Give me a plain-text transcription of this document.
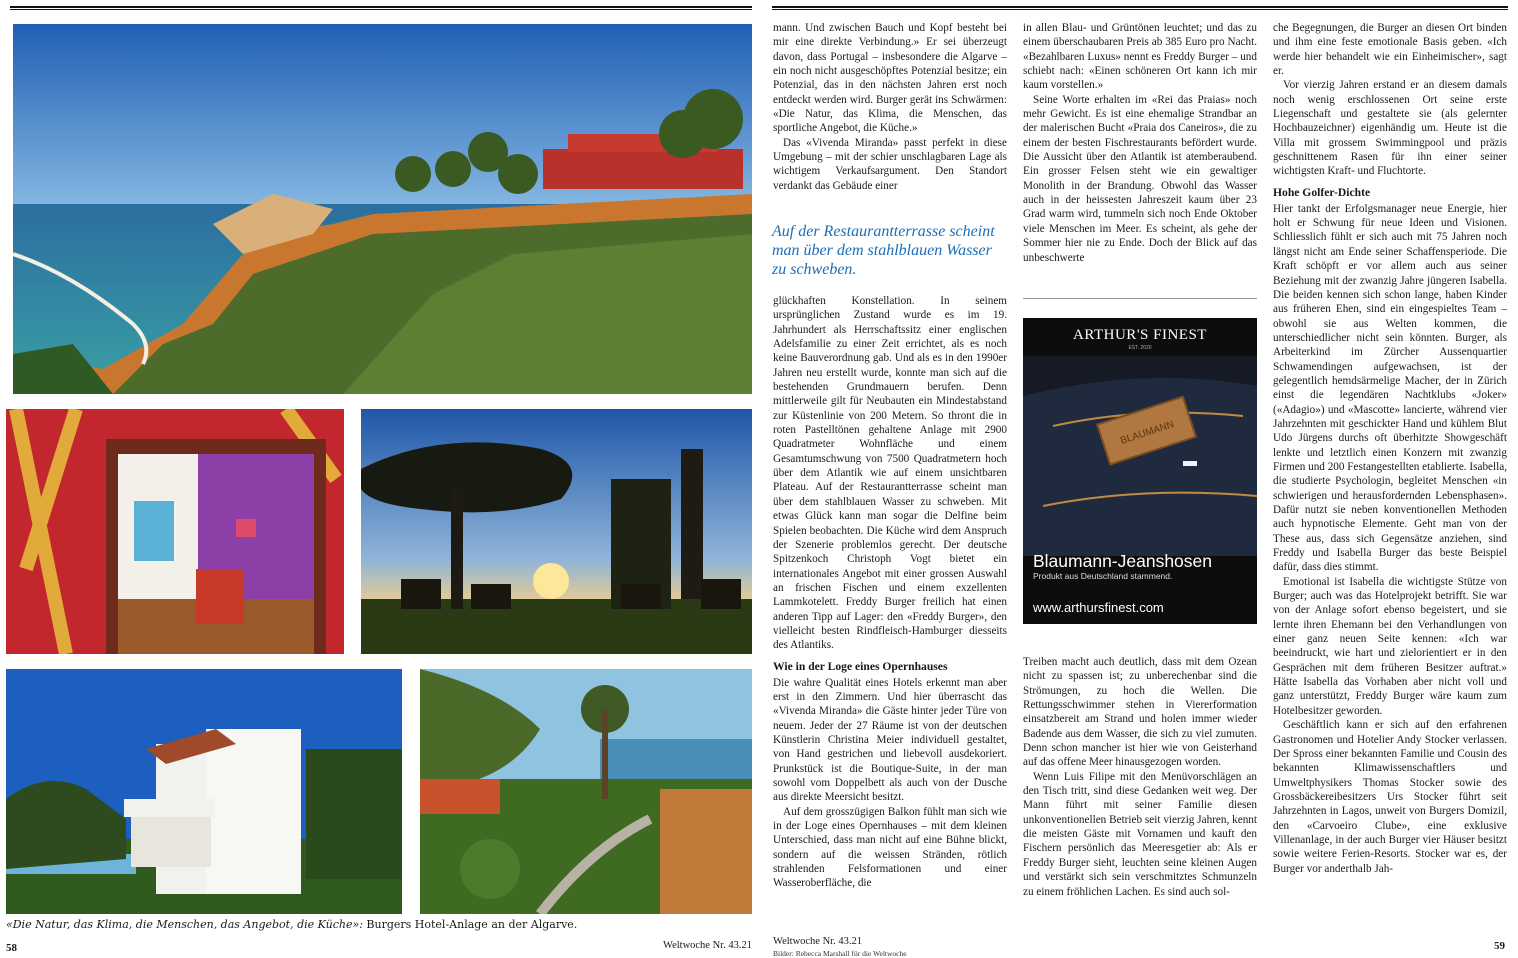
«Die Natur, das Klima, die Menschen, das Angebot, die Küche»: Burgers Hotel-Anlage an der Algarve.
58	Weltwoche Nr. 43.21 Weltwoche Nr. 43.21
Bilder: Rebecca Marshall für die Weltwoche
59

mann. Und zwischen Bauch und Kopf besteht bei mir eine direkte Verbindung.» Er sei überzeugt davon, dass Portugal – insbesondere die Algarve – ein noch nicht ausgeschöpftes Potenzial besitze; ein Potenzial, das in den nächsten Jahren erst noch entdeckt werden wird. Burger gerät ins Schwärmen: «Die Natur, das Klima, die Menschen, das sportliche Angebot, die Küche.»

Das «Vivenda Miranda» passt perfekt in diese Umgebung – mit der schier unschlagbaren Lage als wichtigem Verkaufsargument. Den Standort verdankt das Gebäude einer

Auf der Restaurantterrasse scheint man über dem stahlblauen Wasser zu schweben.

glückhaften Konstellation. In seinem ursprünglichen Zustand wurde es im 19. Jahrhundert als Herrschaftssitz einer englischen Adelsfamilie zu einer Zeit errichtet, als es noch keine Bauverordnung gab. Und als es in den 1990er Jahren neu erstellt wurde, konnte man sich auf die bestehenden Grundmauern berufen. Denn mittlerweile gilt für Neubauten ein Mindestabstand zur Küstenlinie von 200 Metern. So thront die in roten Pastelltönen gehaltene Anlage mit 2900 Quadratmeter Wohnfläche und einem Gesamtumschwung von 7500 Quadratmetern hoch über dem Atlantik wie auf einem unsichtbaren Plateau. Auf der Restaurantterrasse scheint man über dem stahlblauen Wasser zu schweben. Mit etwas Glück kann man sogar die Delfine beim Spielen beobachten. Die Küche wird dem Anspruch der Szenerie problemlos gerecht. Der deutsche Spitzenkoch Christoph Vogt bietet ein internationales Angebot mit einer grossen Auswahl an frischen Fischen und einem exzellenten Lammkotelett. Freddy Burger freilich hat einen anderen Tipp auf Lager: den «Freddy Burger», den vielleicht besten Rindfleisch-Hamburger diesseits des Atlantiks.

Wie in der Loge eines Opernhauses

Die wahre Qualität eines Hotels erkennt man aber erst in den Zimmern. Und hier überrascht das «Vivenda Miranda» die Gäste hinter jeder Türe von neuem. Jeder der 27 Räume ist von der deutschen Künstlerin Christina Meier individuell gestaltet, von Hand gestrichen und liebevoll ausdekoriert. Prunkstück ist die Boutique-Suite, in der man sowohl vom Doppelbett als auch von der Dusche aus direkte Meersicht besitzt.

Auf dem grosszügigen Balkon fühlt man sich wie in der Loge eines Opernhauses – mit dem kleinen Unterschied, dass man nicht auf eine Bühne blickt, sondern auf die weissen Stränden, rötlich strahlenden Felsformationen und einer Wasseroberfläche, die

in allen Blau- und Grüntönen leuchtet; und das zu einem überschaubaren Preis ab 385 Euro pro Nacht. «Bezahlbaren Luxus» nennt es Freddy Burger – und schiebt nach: «Einen schöneren Ort kann ich mir kaum vorstellen.»

Seine Worte erhalten im «Rei das Praias» noch mehr Gewicht. Es ist eine ehemalige Strandbar an der malerischen Bucht «Praia dos Caneiros», die zu einem der besten Fischrestaurants befördert wurde. Die Aussicht über den Atlantik ist atemberaubend. Ein grosser Felsen steht wie ein gewaltiger Monolith in der Brandung. Obwohl das Wasser auch in der heissesten Jahreszeit kaum über 23 Grad warm wird, tummeln sich noch Ende Oktober viele Menschen im Meer. Es scheint, als gehe der Sommer hier nie zu Ende. Doch der Blick auf das unbeschwerte

ARTHUR'S FINEST
EST. 2020
BLAUMANN
Blaumann-Jeanshosen
Produkt aus Deutschland stammend.
www.arthursfinest.com

Treiben macht auch deutlich, dass mit dem Ozean nicht zu spassen ist; zu unberechenbar sind die Strömungen, zu hoch die Wellen. Die Rettungsschwimmer stehen in Viererformation einsatzbereit am Strand und holen immer wieder Badende aus dem Wasser, die sich zu viel zumuten. Denn schon mancher ist hier wie von Geisterhand auf das offene Meer hinausgezogen worden.

Wenn Luis Filipe mit den Menüvorschlägen an den Tisch tritt, sind diese Gedanken weit weg. Der Mann führt mit seiner Familie diesen unkonventionellen Betrieb seit vierzig Jahren, kennt die meisten Gäste mit Vornamen und kauft den Fischern persönlich das Meeresgetier ab: Als er Freddy Burger sieht, leuchten seine kleinen Augen und verstärkt sich sein verschmitztes Schmunzeln zu einem fröhlichen Lachen. Es sind auch sol-

che Begegnungen, die Burger an diesen Ort binden und ihm eine feste emotionale Basis geben. «Ich werde hier behandelt wie ein Einheimischer», sagt er.

Vor vierzig Jahren erstand er an diesem damals noch wenig erschlossenen Ort seine erste Liegenschaft und gestaltete sie (als gelernter Hochbauzeichner) eigenhändig um. Heute ist die Villa mit grossem Swimmingpool und präzis geschnittenem Rasen für ihn einer seiner wichtigsten Kraft- und Fluchtorte.

Hohe Golfer-Dichte

Hier tankt der Erfolgsmanager neue Energie, hier holt er Schwung für neue Ideen und Visionen. Schliesslich fühlt er sich auch mit 75 Jahren noch längst nicht am Ende seiner Schaffensperiode. Die Kraft schöpft er vor allem auch aus seiner Beziehung mit der zwanzig Jahre jüngeren Isabella. Die beiden kennen sich schon lange, haben Kinder aus früheren Ehen, sind ein eingespieltes Team – obwohl sie aus Welten kommen, die unterschiedlicher nicht sein könnten. Burger, als Arbeiterkind im Zürcher Aussenquartier Schwamendingen aufgewachsen, ist der gelegentlich hemdsärmelige Macher, der in Zürich einst die legendären Nachtklubs «Joker» («Adagio») und «Mascotte» lancierte, während vier Jahrzehnten mit geschickter Hand und kühlem Blut Udo Jürgens durchs oft überhitzte Showgeschäft lenkte und letztlich einen Konzern mit zwanzig Firmen und 200 Festangestellten etablierte. Isabella, die studierte Psychologin, begleitet Menschen «in schwierigen und herausfordernden Lebensphasen». Dafür nutzt sie neben konventionellen Methoden auch hypnotische Elemente. Geht man von der These aus, dass sich Gegensätze anziehen, sind Freddy und Isabella Burger das beste Beispiel dafür, dass dies stimmt.

Emotional ist Isabella die wichtigste Stütze von Burger; auch was das Hotelprojekt betrifft. Sie war von der Anlage sofort ebenso begeistert, und sie lernte ihren Ehemann bei den Verhandlungen von einer ganz neuen Seite kennen: «Ich war beeindruckt, wie hart und zielorientiert er in den Gesprächen mit dem früheren Besitzer auftrat.» Hätte Isabella das Vorhaben aber nicht voll und ganz unterstützt, Freddy Burger wäre kaum zum Hotelbesitzer geworden.

Geschäftlich kann er sich auf den erfahrenen Gastronomen und Hotelier Andy Stocker verlassen. Der Spross einer bekannten Familie und Cousin des bekannten Klimawissenschaftlers und Umweltphysikers Thomas Stocker sowie des Grossbäckereibesitzers Urs Stocker führt seit Jahrzehnten in Lagos, unweit von Burgers Domizil, den «Carvoeiro Clube», eine exklusive Villenanlage, in der auch Burger vier Häuser besitzt sowie weitere Ferien-Resorts. Stocker war es, der Burger vor anderthalb Jah-
